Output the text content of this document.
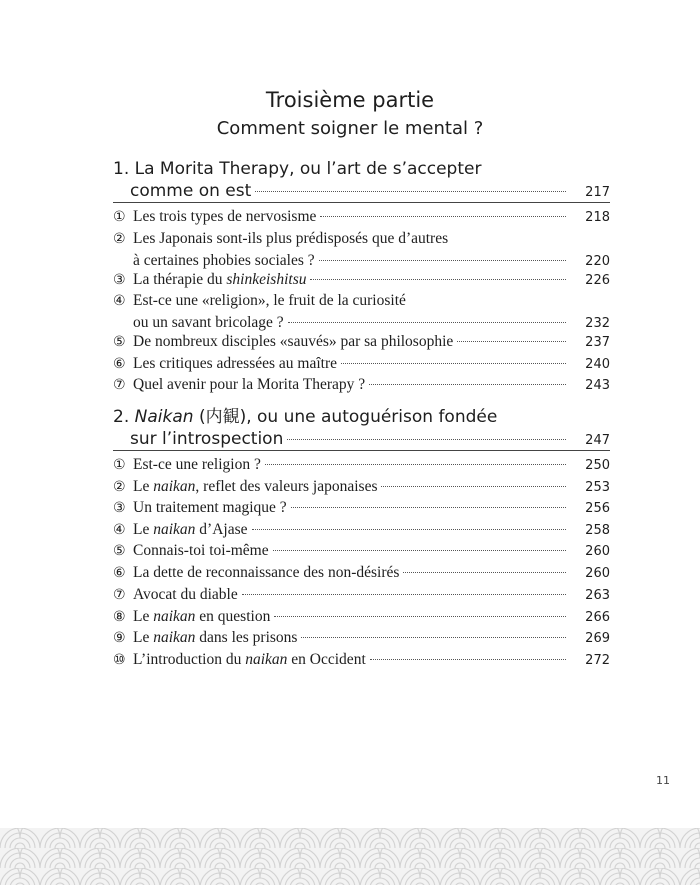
Troisième partie
Comment soigner le mental ?
1. La Morita Therapy, ou l’art de s’accepter
comme on est	217
① Les trois types de nervosisme	218
② Les Japonais sont-ils plus prédisposés que d’autres
à certaines phobies sociales ?	220
③ La thérapie du shinkeishitsu	226
④ Est-ce une «religion», le fruit de la curiosité
ou un savant bricolage ?	232
⑤ De nombreux disciples «sauvés» par sa philosophie	237
⑥ Les critiques adressées au maître	240
⑦ Quel avenir pour la Morita Therapy ?	243
2. Naikan (内観), ou une autoguérison fondée
sur l’introspection	247
① Est-ce une religion ?	250
② Le naikan, reflet des valeurs japonaises	253
③ Un traitement magique ?	256
④ Le naikan d’Ajase	258
⑤ Connais-toi toi-même	260
⑥ La dette de reconnaissance des non-désirés	260
⑦ Avocat du diable	263
⑧ Le naikan en question	266
⑨ Le naikan dans les prisons	269
⑩ L’introduction du naikan en Occident	272
11
